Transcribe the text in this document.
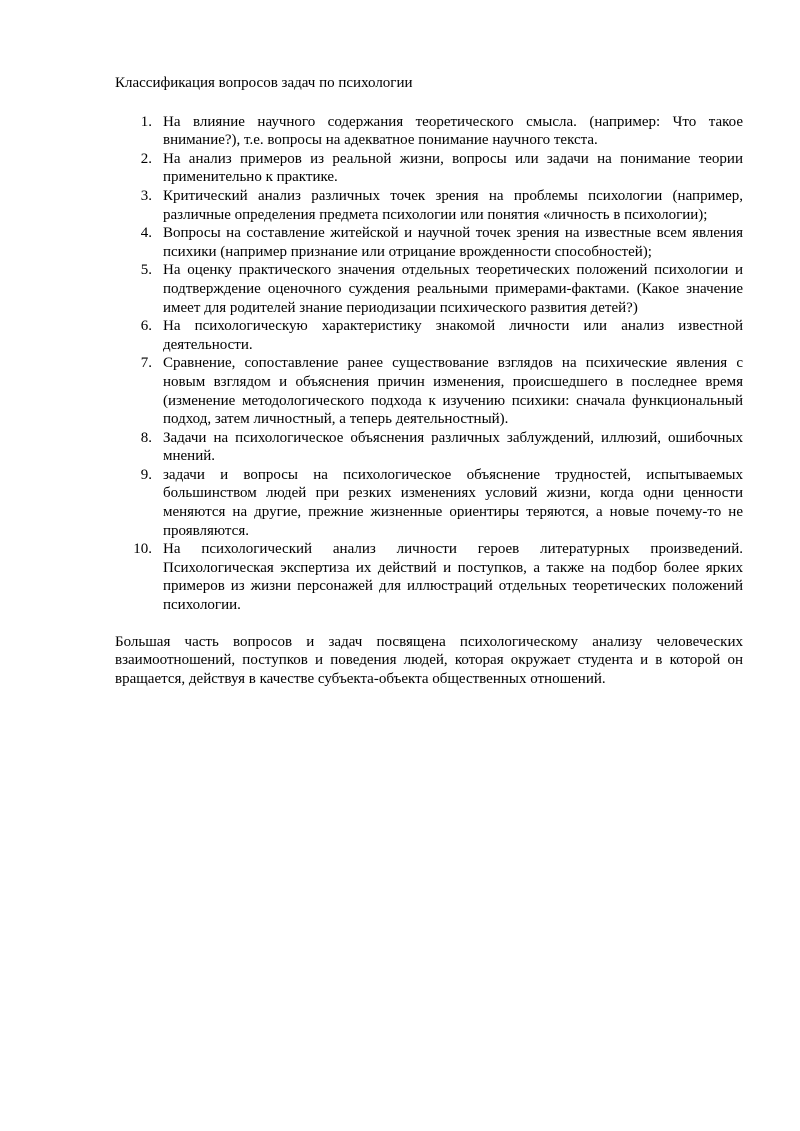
Классификация вопросов задач по психологии

1. На влияние научного содержания теоретического смысла. (например: Что такое внимание?), т.е. вопросы на адекватное понимание научного текста.
2. На анализ примеров из реальной жизни, вопросы или задачи на понимание теории применительно к практике.
3. Критический анализ различных точек зрения на проблемы психологии (например, различные определения предмета психологии или понятия «личность в психологии);
4. Вопросы на составление житейской и научной точек зрения на известные всем явления психики (например признание или отрицание врожденности способностей);
5. На оценку практического значения отдельных теоретических положений психологии и подтверждение оценочного суждения реальными примерами-фактами. (Какое значение имеет для родителей знание периодизации психического развития детей?)
6. На психологическую характеристику знакомой личности или анализ известной деятельности.
7. Сравнение, сопоставление ранее существование взглядов на психические явления с новым взглядом и объяснения причин изменения, происшедшего в последнее время (изменение методологического подхода к изучению психики: сначала функциональный подход, затем личностный, а теперь деятельностный).
8. Задачи на психологическое объяснения различных заблуждений, иллюзий, ошибочных мнений.
9. задачи и вопросы на психологическое объяснение трудностей, испытываемых большинством людей при резких изменениях условий жизни, когда одни ценности меняются на другие, прежние жизненные ориентиры теряются, а новые почему-то не проявляются.
10. На психологический анализ личности героев литературных произведений. Психологическая экспертиза их действий и поступков, а также на подбор более ярких примеров из жизни персонажей для иллюстраций отдельных теоретических положений психологии.

Большая часть вопросов и задач посвящена психологическому анализу человеческих взаимоотношений, поступков и поведения людей, которая окружает студента и в которой он вращается, действуя в качестве субъекта-объекта общественных отношений.
